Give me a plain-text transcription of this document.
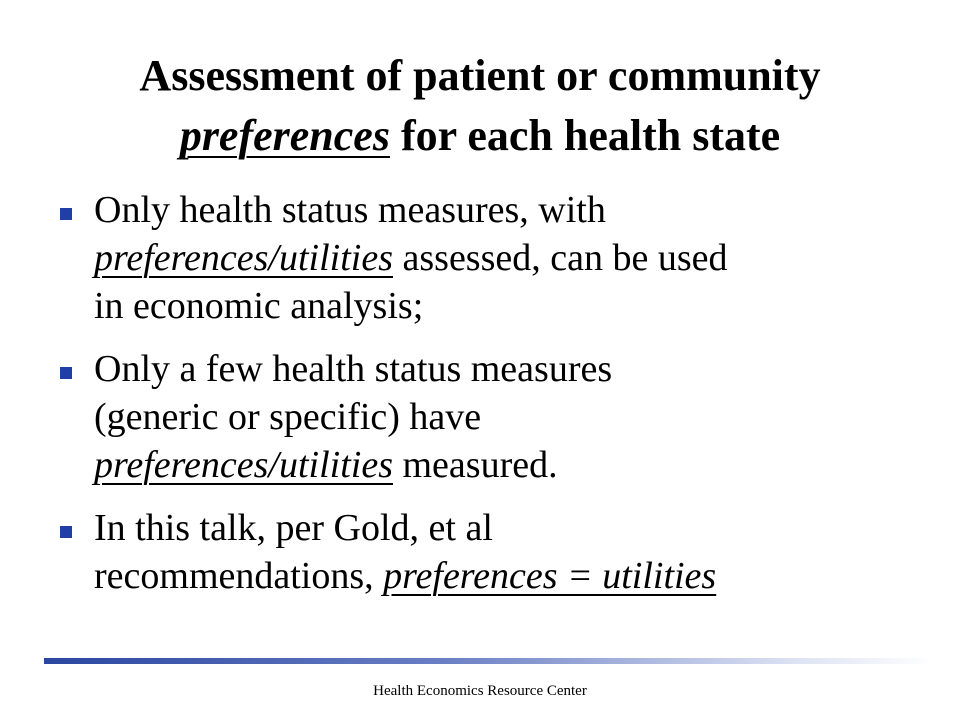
Assessment of patient or community
preferences for each health state
Only health status measures, with
preferences/utilities assessed, can be used
in economic analysis;
Only a few health status measures
(generic or specific) have
preferences/utilities measured.
In this talk, per Gold, et al
recommendations, preferences = utilities
Health Economics Resource Center
